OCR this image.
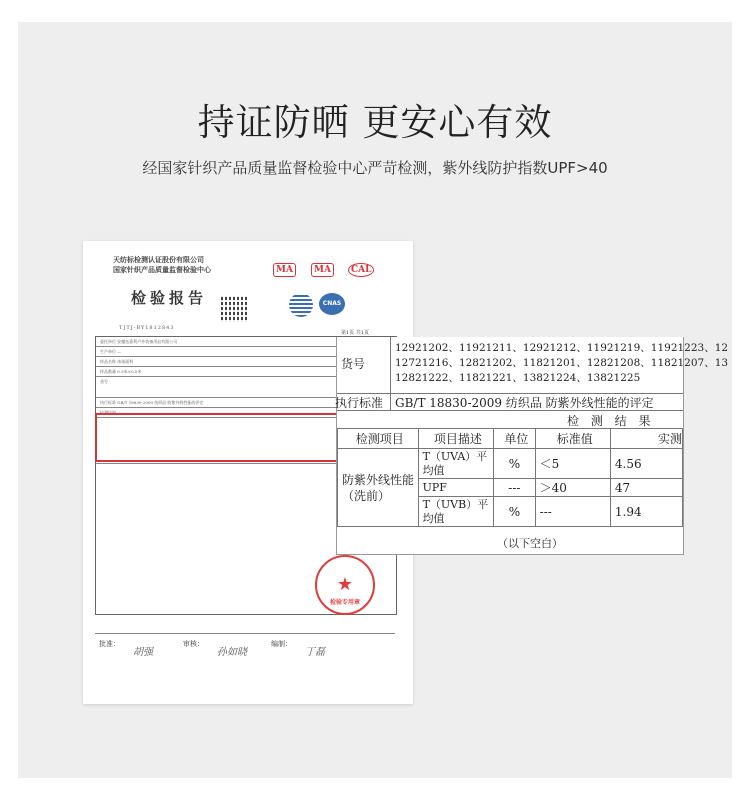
持证防晒 更安心有效
经国家针织产品质量监督检验中心严苛检测，紫外线防护指数UPF>40
天纺标检测认证股份有限公司
国家针织产品质量监督检验中心
检验报告
TJTJ-BY1812843
MA	MA	CAL
CNAS
第1页 共1页
委托单位 安徽伍嘉利户外装备用品有限公司
生产单位 —
样品名称 冰丝面料
样品数量 0.5米×0.5米
货号
执行标准 GB/T 18830-2009 纺织品 防紫外线性能的评定
检测结果
★
检验专用章
批准：
胡强
审核：
孙如晓
编制：
丁磊
货号
12921202、11921211、12921212、11921219、11921223、12
12721216、12821202、11821201、12821208、11821207、13
12821222、11821221、13821224、13821225
执行标准 GB/T 18830-2009 纺织品 防紫外线性能的评定
检 测 结 果
检测项目	项目描述	单位	标准值	实测
防紫外线性能
（洗前）	T（UVA）平均值	%	＜5	4.56
	UPF	---	＞40	47
	T（UVB）平均值	%	---	1.94
（以下空白）
